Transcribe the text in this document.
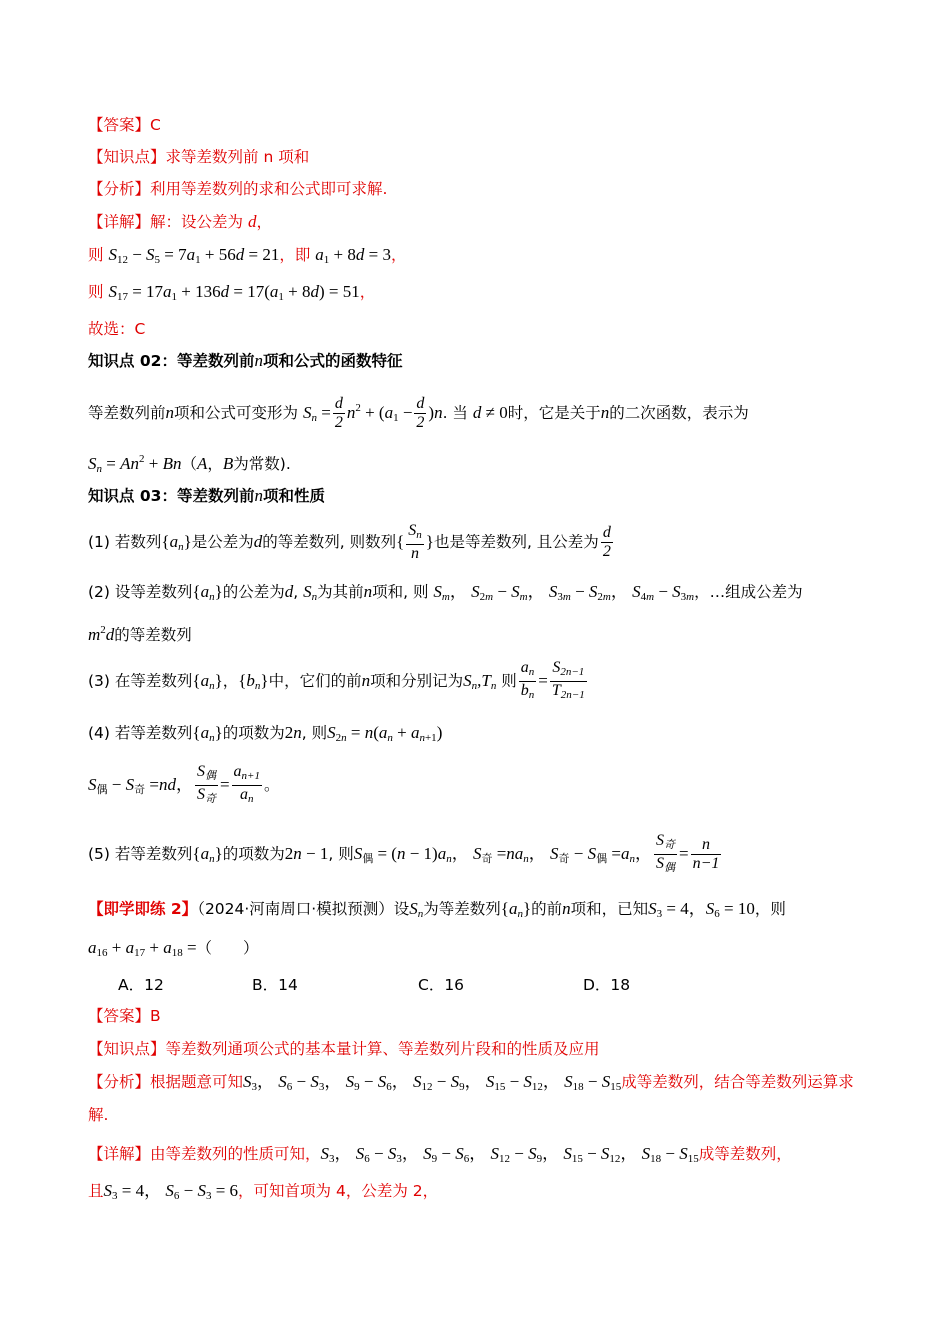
【答案】C
【知识点】求等差数列前 n 项和
【分析】利用等差数列的求和公式即可求解.
【详解】解：设公差为 d，
则 $S_{12} - S_5 = 7a_1 + 56d = 21$，即 $a_1 + 8d = 3$，
则 $S_{17} = 17a_1 + 136d = 17(a_1 + 8d) = 51$，
故选：C
知识点 02：等差数列前n项和公式的函数特征
等差数列前n项和公式可变形为 $S_n = \frac{d}{2} n^2 + (a_1 - \frac{d}{2} )n$. 当 d ≠ 0时，它是关于n的二次函数，表示为
$S_n = An^2 + Bn(A$，B为常数).
知识点 03：等差数列前n项和性质
(1) 若数列$\{a_n\}$是公差为d的等差数列, 则数列{ $\frac{S_n}{n}$ }也是等差数列, 且公差为 $\frac{d}{2}$
(2) 设等差数列$\{a_n\}$的公差为d, $S_n$为其前n项和, 则 $S_m$， $S_{2m} - S_m$， $S_{3m} - S_{2m}$， $S_{4m} - S_{3m}$，…组成公差为
$m^2d$的等差数列
(3) 在等差数列$\{a_n\}$，$\{b_n\}$中，它们的前n项和分别记为$S_n,T_n$ 则 $\frac{a_n}{b_n} = \frac{S_{2n-1}}{T_{2n-1}}$
(4) 若等差数列$\{a_n\}$的项数为2n, 则$S_{2n} = n(a_n + a_{n+1})$
$S_偶 - S_奇 =nd$， $\frac{S_偶}{S_奇} = \frac{a_{n+1}}{a_n}$ 。
(5) 若等差数列$\{a_n\}$的项数为2n − 1, 则$S_偶 = (n - 1)a_n$， $S_奇 =na_n$， $S_奇 - S_偶 =a_n$， $\frac{S_奇}{S_偶} = \frac{n}{n-1}$
【即学即练 2】（2024·河南周口·模拟预测）设$S_n$为等差数列$\{a_n\}$的前n项和，已知$S_3 = 4$，$S_6 = 10$，则
$a_{16} + a_{17} + a_{18}$ =（　　）
A．12	B．14	C．16	D．18
【答案】B
【知识点】等差数列通项公式的基本量计算、等差数列片段和的性质及应用
【分析】根据题意可知$S_3$， $S_6 - S_3$， $S_9 - S_6$， $S_{12} - S_9$， $S_{15} - S_{12}$， $S_{18} - S_{15}$成等差数列，结合等差数列运算求
解.
【详解】由等差数列的性质可知，$S_3$， $S_6 - S_3$， $S_9 - S_6$， $S_{12} - S_9$， $S_{15} - S_{12}$， $S_{18} - S_{15}$成等差数列，
且$S_3 = 4$， $S_6 - S_3 = 6$，可知首项为 4，公差为 2，
